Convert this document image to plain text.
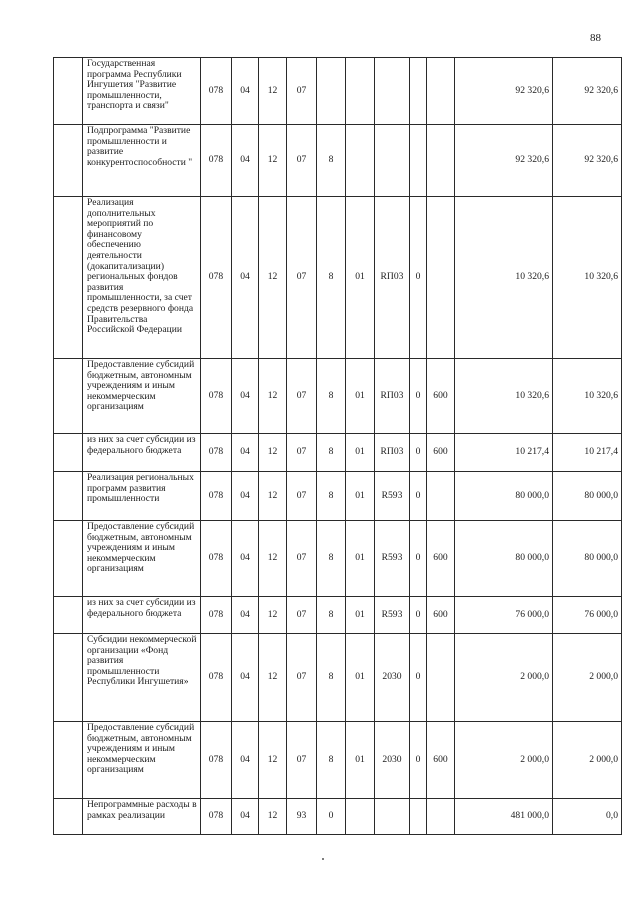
88
	Государственная программа Республики Ингушетия "Развитие промышленности, транспорта и связи"	078	04	12	07						92 320,6	92 320,6
	Подпрограмма "Развитие промышленности и развитие конкурентоспособности "	078	04	12	07	8					92 320,6	92 320,6
	Реализация дополнительных мероприятий по финансовому обеспечению деятельности (докапитализации) региональных фондов развития промышленности, за счет средств резервного фонда Правительства Российской Федерации	078	04	12	07	8	01	RП03	0		10 320,6	10 320,6
	Предоставление субсидий бюджетным, автономным учреждениям и иным некоммерческим организациям	078	04	12	07	8	01	RП03	0	600	10 320,6	10 320,6
	из них за счет субсидии из федерального бюджета	078	04	12	07	8	01	RП03	0	600	10 217,4	10 217,4
	Реализация региональных программ развития промышленности	078	04	12	07	8	01	R593	0		80 000,0	80 000,0
	Предоставление субсидий бюджетным, автономным учреждениям и иным некоммерческим организациям	078	04	12	07	8	01	R593	0	600	80 000,0	80 000,0
	из них за счет субсидии из федерального бюджета	078	04	12	07	8	01	R593	0	600	76 000,0	76 000,0
	Субсидии некоммерческой организации «Фонд развития промышленности Республики Ингушетия»	078	04	12	07	8	01	2030	0		2 000,0	2 000,0
	Предоставление субсидий бюджетным, автономным учреждениям и иным некоммерческим организациям	078	04	12	07	8	01	2030	0	600	2 000,0	2 000,0
	Непрограммные расходы в рамках реализации	078	04	12	93	0					481 000,0	0,0
